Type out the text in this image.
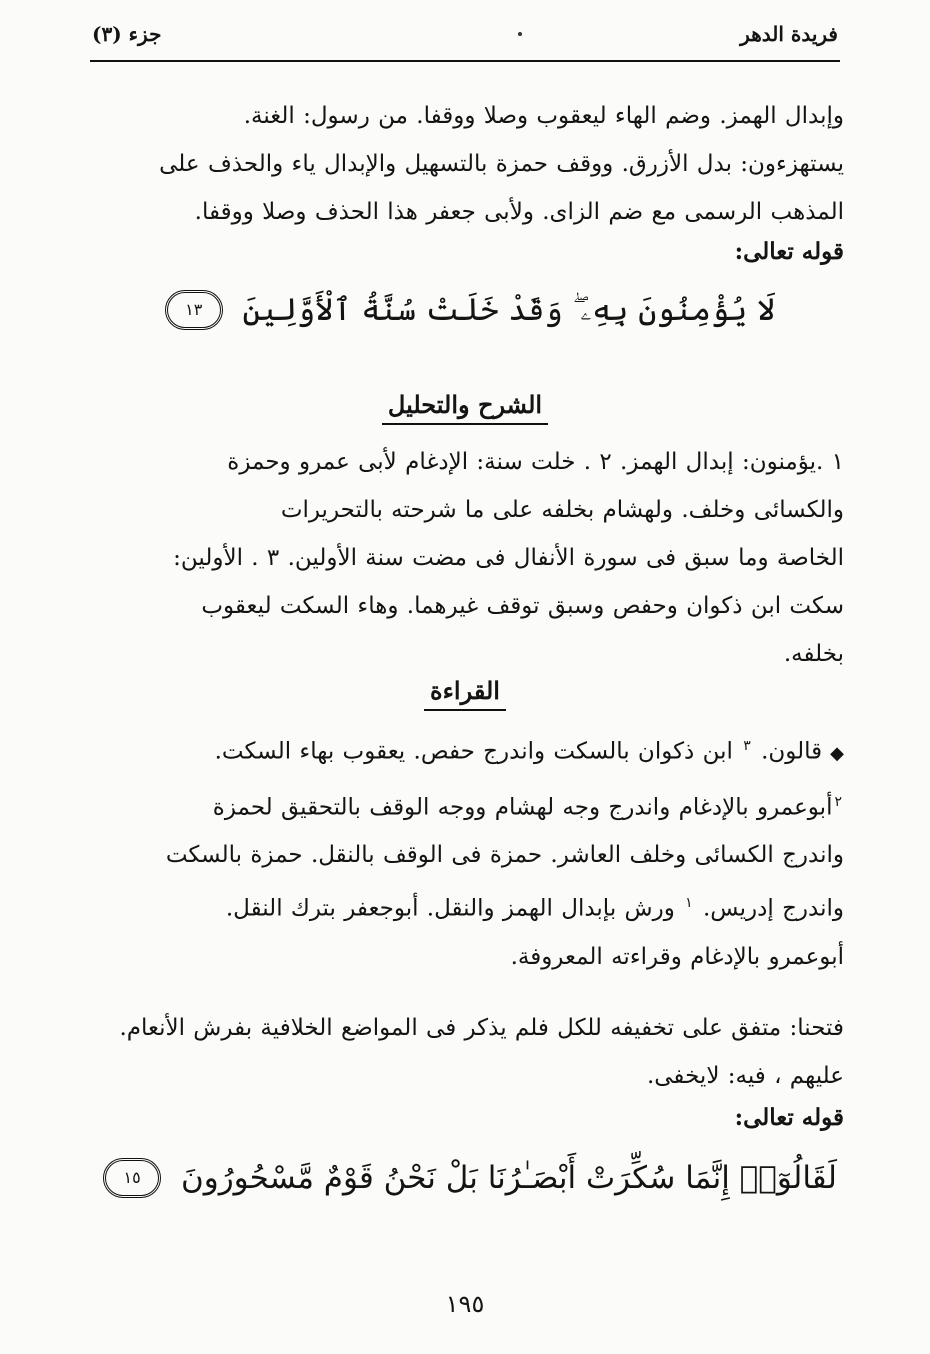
فريدة الدهر
جزء (٣)
وإبدال الهمز. وضم الهاء ليعقوب وصلا ووقفا. من رسول: الغنة.
يستهزءون: بدل الأزرق. ووقف حمزة بالتسهيل والإبدال ياء والحذف على
المذهب الرسمى مع ضم الزاى. ولأبى جعفر هذا الحذف وصلا ووقفا.
قوله تعالى:
لَا يُؤْمِنُونَ بِهِۦ ۖ وَقَدْ خَلَتْ سُنَّةُ ٱلْأَوَّلِينَ ١٣
الشرح والتحليل
١ .يؤمنون: إبدال الهمز. ٢ . خلت سنة: الإدغام لأبى عمرو وحمزة
والكسائى وخلف. ولهشام بخلفه على ما شرحته بالتحريرات
الخاصة وما سبق فى سورة الأنفال فى مضت سنة الأولين. ٣ . الأولين:
سكت ابن ذكوان وحفص وسبق توقف غيرهما. وهاء السكت ليعقوب
بخلفه.
القراءة
◆قالون. $^٣$ ابن ذكوان بالسكت واندرج حفص. يعقوب بهاء السكت.
$^٢$أبوعمرو بالإدغام واندرج وجه لهشام ووجه الوقف بالتحقيق لحمزة
واندرج الكسائى وخلف العاشر. حمزة فى الوقف بالنقل. حمزة بالسكت
واندرج إدريس. $^١$ ورش بإبدال الهمز والنقل. أبوجعفر بترك النقل.
أبوعمرو بالإدغام وقراءته المعروفة.
فتحنا: متفق على تخفيفه للكل فلم يذكر فى المواضع الخلافية بفرش الأنعام.
عليهم ، فيه: لايخفى.
قوله تعالى:
لَقَالُوٓا۟ إِنَّمَا سُكِّرَتْ أَبْصَـٰرُنَا بَلْ نَحْنُ قَوْمٌ مَّسْحُورُونَ ١٥
١٩٥
